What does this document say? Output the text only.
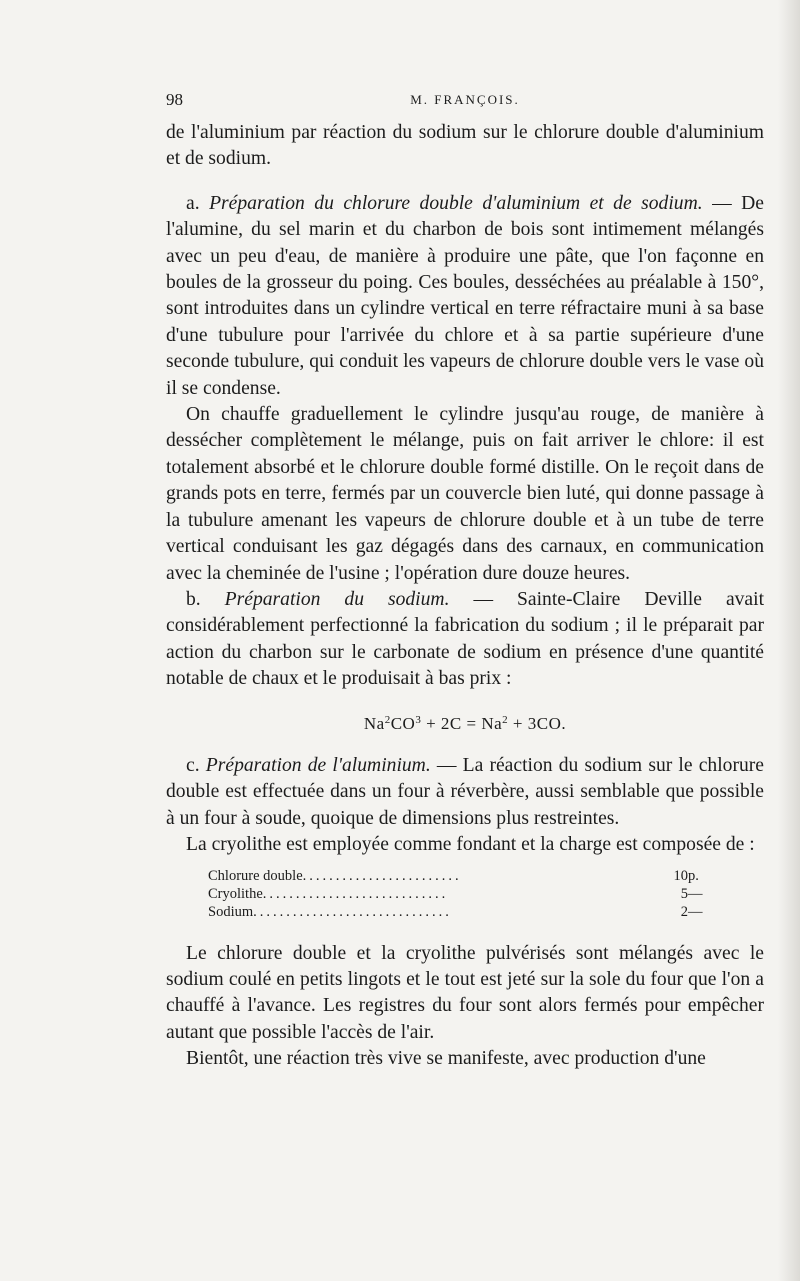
98	M. FRANÇOIS.

de l'aluminium par réaction du sodium sur le chlorure double d'aluminium et de sodium.

a. Préparation du chlorure double d'aluminium et de sodium. — De l'alumine, du sel marin et du charbon de bois sont intimement mélangés avec un peu d'eau, de manière à produire une pâte, que l'on façonne en boules de la grosseur du poing. Ces boules, desséchées au préalable à 150°, sont introduites dans un cylindre vertical en terre réfractaire muni à sa base d'une tubulure pour l'arrivée du chlore et à sa partie supérieure d'une seconde tubulure, qui conduit les vapeurs de chlorure double vers le vase où il se condense.

On chauffe graduellement le cylindre jusqu'au rouge, de manière à dessécher complètement le mélange, puis on fait arriver le chlore: il est totalement absorbé et le chlorure double formé distille. On le reçoit dans de grands pots en terre, fermés par un couvercle bien luté, qui donne passage à la tubulure amenant les vapeurs de chlorure double et à un tube de terre vertical conduisant les gaz dégagés dans des carnaux, en communication avec la cheminée de l'usine ; l'opération dure douze heures.

b. Préparation du sodium. — Sainte-Claire Deville avait considérablement perfectionné la fabrication du sodium ; il le préparait par action du charbon sur le carbonate de sodium en présence d'une quantité notable de chaux et le produisait à bas prix :

$Na^2CO^3 + 2C = Na^2 + 3CO$.

c. Préparation de l'aluminium. — La réaction du sodium sur le chlorure double est effectuée dans un four à réverbère, aussi semblable que possible à un four à soude, quoique de dimensions plus restreintes.

La cryolithe est employée comme fondant et la charge est composée de :

Chlorure double........................	10	p.
Cryolithe............................	5	—
Sodium..............................	2	—

Le chlorure double et la cryolithe pulvérisés sont mélangés avec le sodium coulé en petits lingots et le tout est jeté sur la sole du four que l'on a chauffé à l'avance. Les registres du four sont alors fermés pour empêcher autant que possible l'accès de l'air.

Bientôt, une réaction très vive se manifeste, avec production d'une
